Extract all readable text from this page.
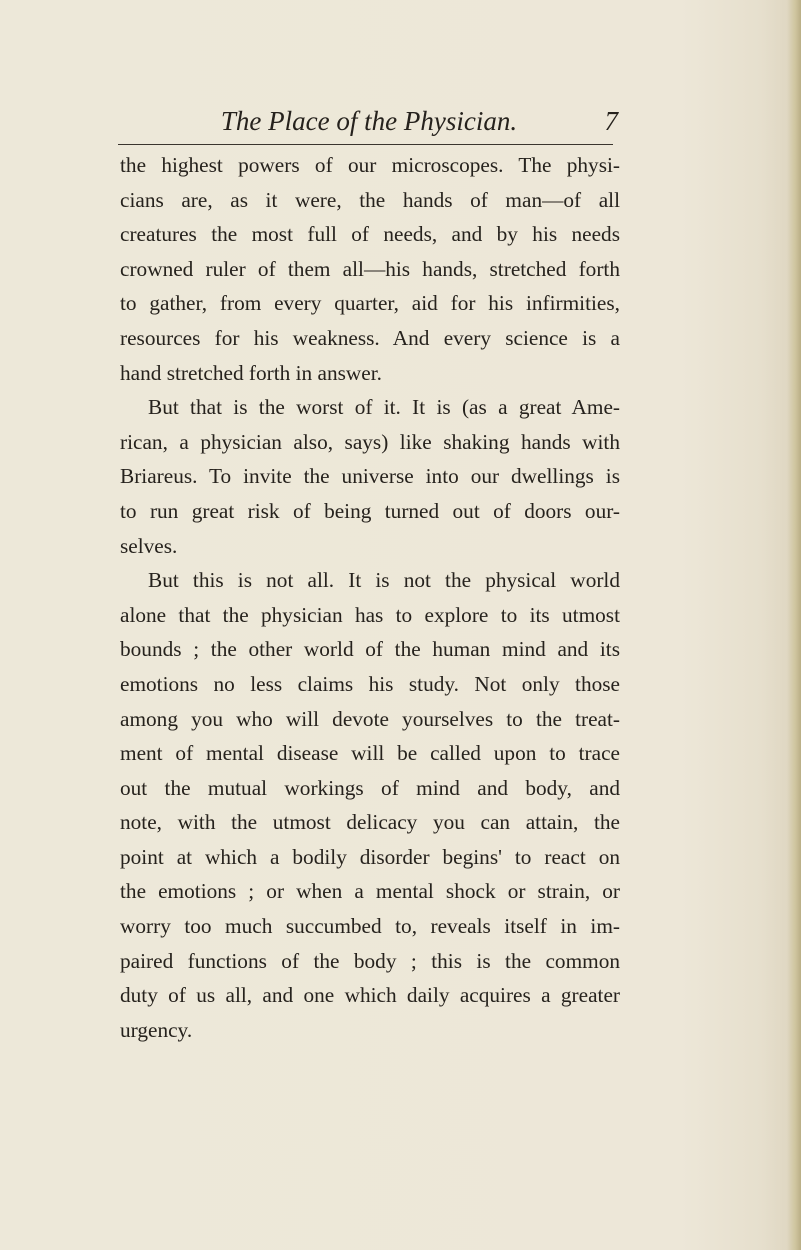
The Place of the Physician.	7
the highest powers of our microscopes. The physi-
cians are, as it were, the hands of man—of all
creatures the most full of needs, and by his needs
crowned ruler of them all—his hands, stretched forth
to gather, from every quarter, aid for his infirmities,
resources for his weakness. And every science is a
hand stretched forth in answer.
But that is the worst of it. It is (as a great Ame-
rican, a physician also, says) like shaking hands with
Briareus. To invite the universe into our dwellings is
to run great risk of being turned out of doors our-
selves.
But this is not all. It is not the physical world
alone that the physician has to explore to its utmost
bounds ; the other world of the human mind and its
emotions no less claims his study. Not only those
among you who will devote yourselves to the treat-
ment of mental disease will be called upon to trace
out the mutual workings of mind and body, and
note, with the utmost delicacy you can attain, the
point at which a bodily disorder begins' to react on
the emotions ; or when a mental shock or strain, or
worry too much succumbed to, reveals itself in im-
paired functions of the body ; this is the common
duty of us all, and one which daily acquires a greater
urgency.
